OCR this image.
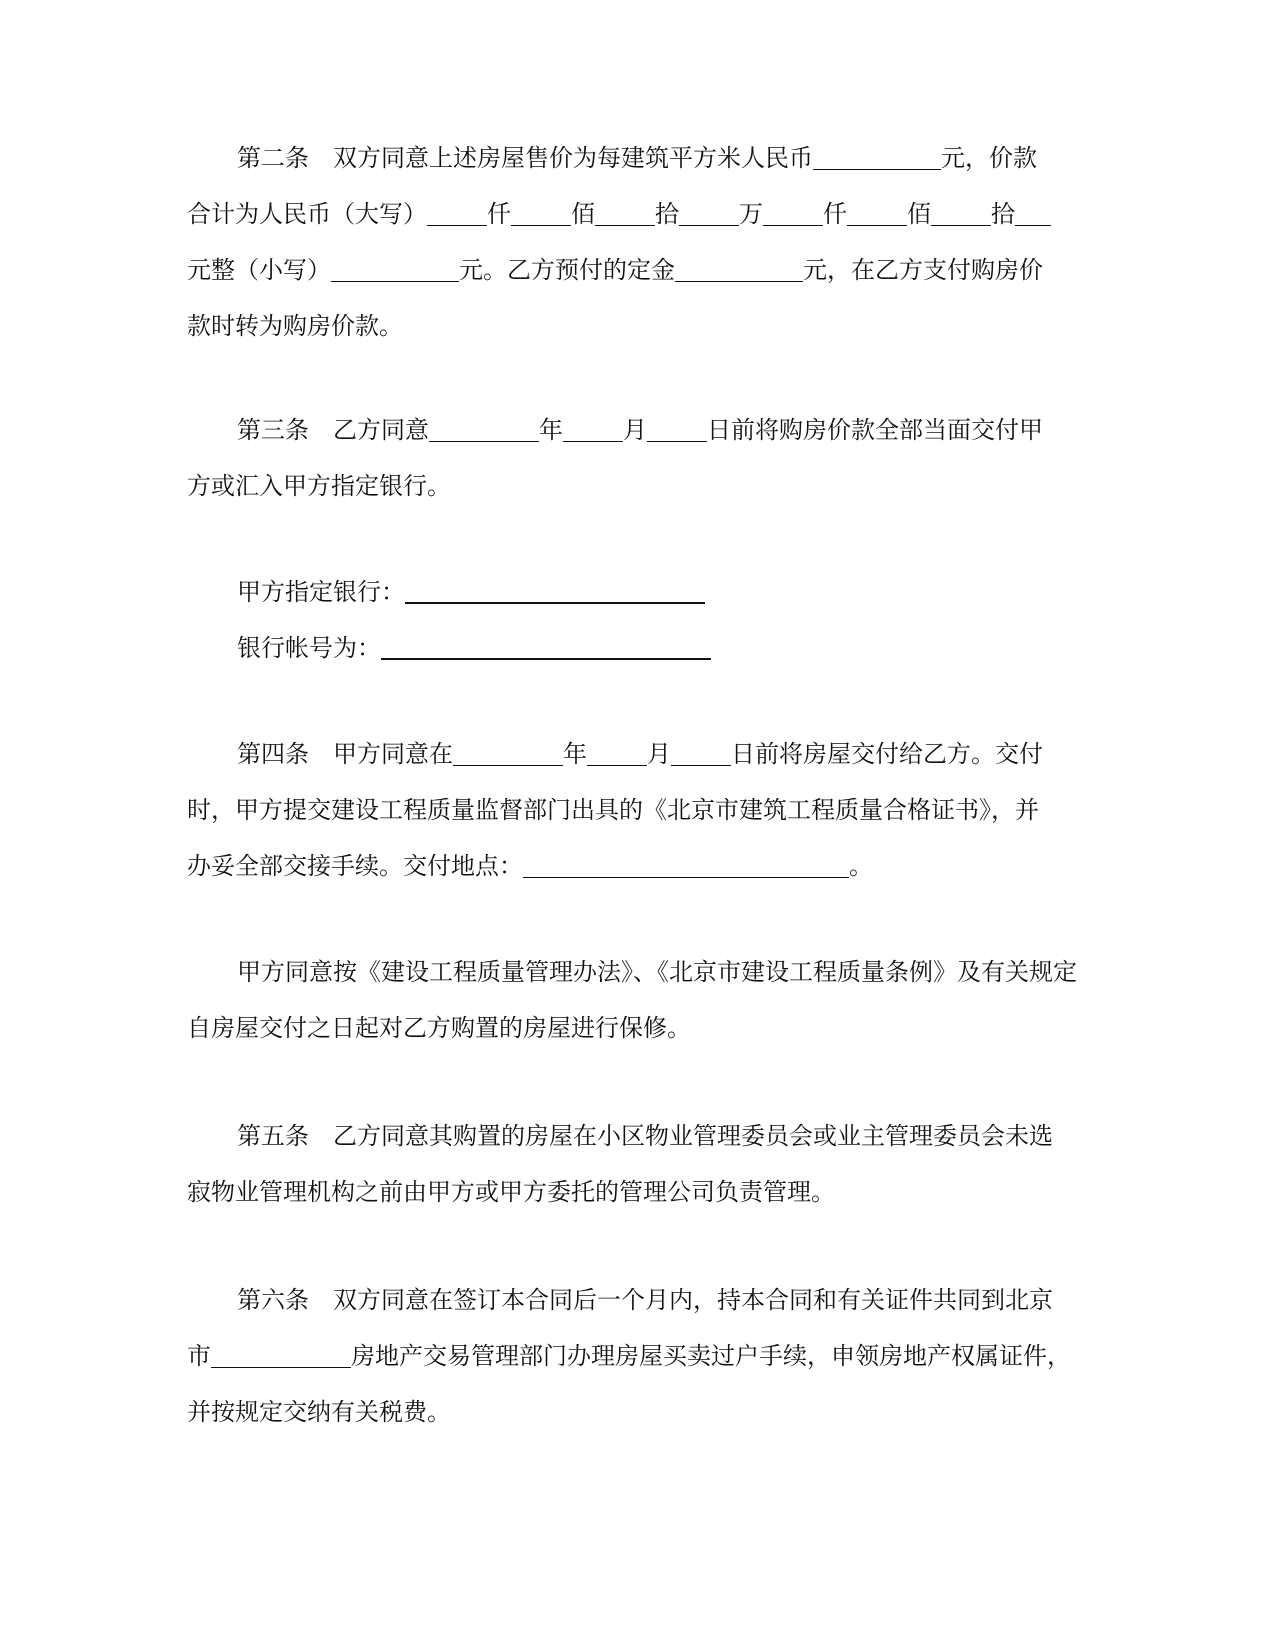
第二条 双方同意上述房屋售价为每建筑平方米人民币	元，价款
合计为人民币（大写）	仟	佰	拾	万	仟	佰	拾
元整（小写）	元。乙方预付的定金	元，在乙方支付购房价
款时转为购房价款。
第三条 乙方同意	年	月	日前将购房价款全部当面交付甲
方或汇入甲方指定银行。
甲方指定银行：
银行帐号为：
第四条 甲方同意在	年	月	日前将房屋交付给乙方。交付
时，甲方提交建设工程质量监督部门出具的《北京市建筑工程质量合格证书》，并
办妥全部交接手续。交付地点：	。
甲方同意按《建设工程质量管理办法》、《北京市建设工程质量条例》及有关规定
自房屋交付之日起对乙方购置的房屋进行保修。
第五条 乙方同意其购置的房屋在小区物业管理委员会或业主管理委员会未选
寂物业管理机构之前由甲方或甲方委托的管理公司负责管理。
第六条 双方同意在签订本合同后一个月内，持本合同和有关证件共同到北京
市	房地产交易管理部门办理房屋买卖过户手续，申领房地产权属证件，
并按规定交纳有关税费。
